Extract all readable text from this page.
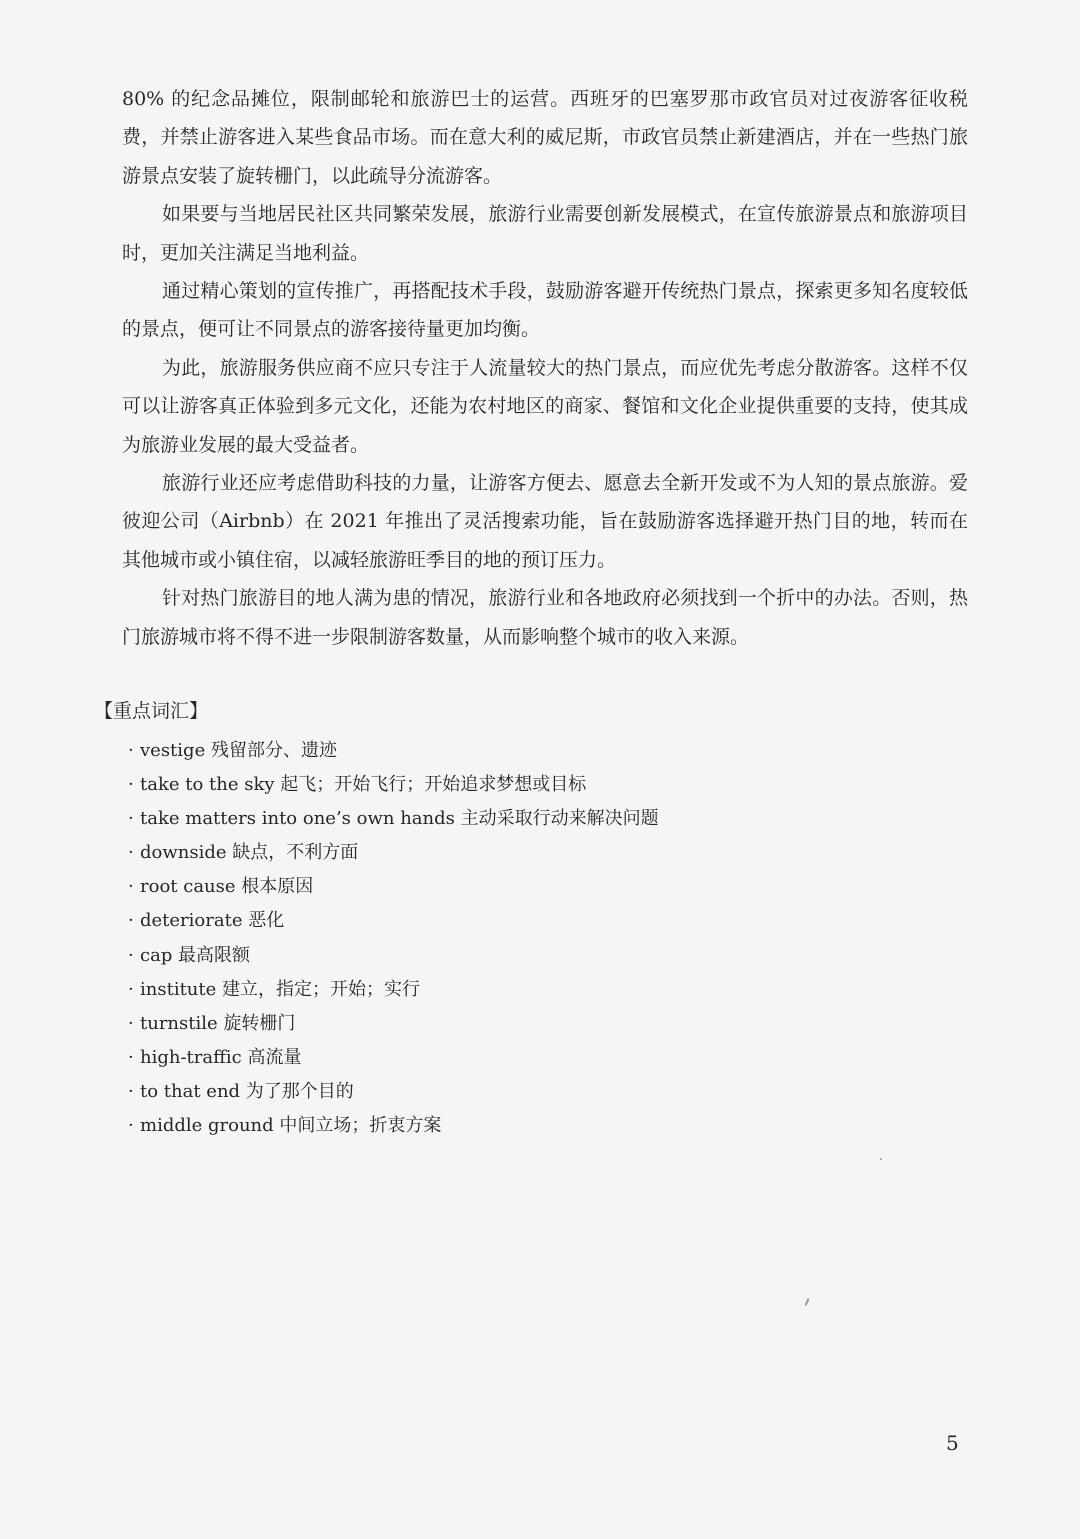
80% 的纪念品摊位，限制邮轮和旅游巴士的运营。西班牙的巴塞罗那市政官员对过夜游客征收税费，并禁止游客进入某些食品市场。而在意大利的威尼斯，市政官员禁止新建酒店，并在一些热门旅游景点安装了旋转栅门，以此疏导分流游客。

如果要与当地居民社区共同繁荣发展，旅游行业需要创新发展模式，在宣传旅游景点和旅游项目时，更加关注满足当地利益。

通过精心策划的宣传推广，再搭配技术手段，鼓励游客避开传统热门景点，探索更多知名度较低的景点，便可让不同景点的游客接待量更加均衡。

为此，旅游服务供应商不应只专注于人流量较大的热门景点，而应优先考虑分散游客。这样不仅可以让游客真正体验到多元文化，还能为农村地区的商家、餐馆和文化企业提供重要的支持，使其成为旅游业发展的最大受益者。

旅游行业还应考虑借助科技的力量，让游客方便去、愿意去全新开发或不为人知的景点旅游。爱彼迎公司（Airbnb）在 2021 年推出了灵活搜索功能，旨在鼓励游客选择避开热门目的地，转而在其他城市或小镇住宿，以减轻旅游旺季目的地的预订压力。

针对热门旅游目的地人满为患的情况，旅游行业和各地政府必须找到一个折中的办法。否则，热门旅游城市将不得不进一步限制游客数量，从而影响整个城市的收入来源。

【重点词汇】
· vestige 残留部分、遗迹
· take to the sky 起飞；开始飞行；开始追求梦想或目标
· take matters into one’s own hands 主动采取行动来解决问题
· downside 缺点，不利方面
· root cause 根本原因
· deteriorate 恶化
· cap 最高限额
· institute 建立，指定；开始；实行
· turnstile 旋转栅门
· high-traffic 高流量
· to that end 为了那个目的
· middle ground 中间立场；折衷方案
5
